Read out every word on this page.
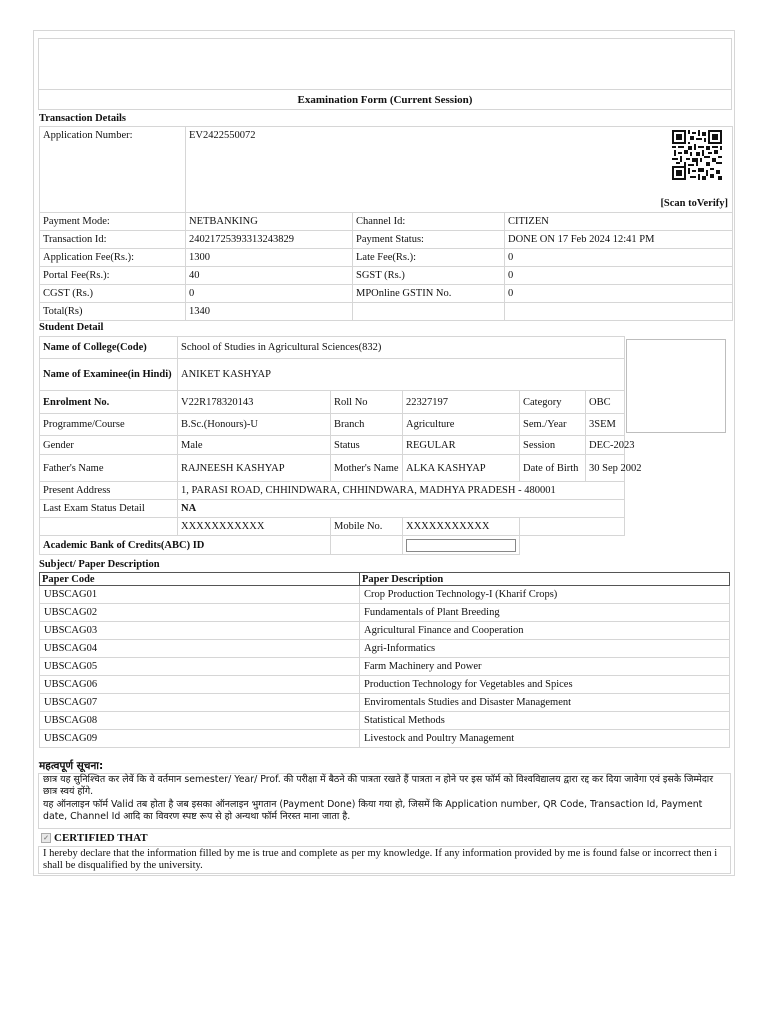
Examination Form (Current Session)
Transaction Details
Application Number:	EV2422550072
[Scan toVerify]		

Payment Mode:	NETBANKING	Channel Id:	CITIZEN
Transaction Id:	24021725393313243829	Payment Status:	DONE ON 17 Feb 2024 12:41 PM
Application Fee(Rs.):	1300	Late Fee(Rs.):	0
Portal Fee(Rs.):	40	SGST (Rs.)	0
CGST (Rs.)	0	MPOnline GSTIN No.	0
Total(Rs)	1340		
Student Detail
Name of College(Code)	School of Studies in Agricultural Sciences(832)				
Name of Examinee(in Hindi)	ANIKET KASHYAP				
Enrolment No.	V22R178320143	Roll No	22327197	Category	OBC
Programme/Course	B.Sc.(Honours)-U	Branch	Agriculture	Sem./Year	3SEM
Gender	Male	Status	REGULAR	Session	DEC-2023
Father's Name	RAJNEESH KASHYAP	Mother's Name	ALKA KASHYAP	Date of Birth	30 Sep 2002
Present Address	1, PARASI ROAD, CHHINDWARA, CHHINDWARA, MADHYA PRADESH - 480001				
Last Exam Status Detail	NA				
	XXXXXXXXXXX	Mobile No.	XXXXXXXXXXX		
Academic Bank of Credits(ABC) ID					
Subject/ Paper Description
Paper Code	Paper Description
UBSCAG01	Crop Production Technology-I (Kharif Crops)
UBSCAG02	Fundamentals of Plant Breeding
UBSCAG03	Agricultural Finance and Cooperation
UBSCAG04	Agri-Informatics
UBSCAG05	Farm Machinery and Power
UBSCAG06	Production Technology for Vegetables and Spices
UBSCAG07	Enviromentals Studies and Disaster Management
UBSCAG08	Statistical Methods
UBSCAG09	Livestock and Poultry Management
महत्वपूर्ण सूचना:
छात्र यह सुनिश्चित कर लेवें कि वे वर्तमान semester/ Year/ Prof. की परीक्षा में बैठने की पात्रता रखते हैं पात्रता न होने पर इस फॉर्म को विश्वविद्यालय द्वारा रद्द कर दिया जावेगा एवं इसके जिम्मेदार छात्र स्वयं होंगे.
यह ऑनलाइन फॉर्म Valid तब होता है जब इसका ऑनलाइन भुगतान (Payment Done) किया गया हो, जिसमें कि Application number, QR Code, Transaction Id, Payment date, Channel Id आदि का विवरण स्पष्ट रूप से हो अन्यथा फॉर्म निरस्त माना जाता है.
✓ CERTIFIED THAT
I hereby declare that the information filled by me is true and complete as per my knowledge. If any information provided by me is found false or incorrect then i shall be disqualified by the university.
